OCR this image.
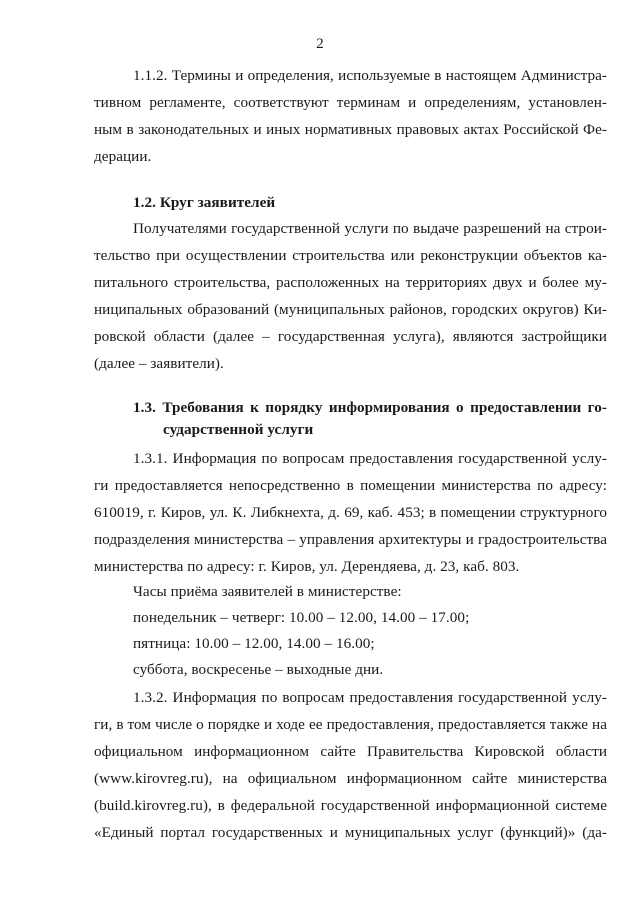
2
1.1.2. Термины и определения, используемые в настоящем Администра-
тивном регламенте, соответствуют терминам и определениям, установлен-
ным в законодательных и иных нормативных правовых актах Российской Фе-
дерации.
1.2. Круг заявителей
Получателями государственной услуги по выдаче разрешений на строи-
тельство при осуществлении строительства или реконструкции объектов ка-
питального строительства, расположенных на территориях двух и более му-
ниципальных образований (муниципальных районов, городских округов) Ки-
ровской области (далее – государственная услуга), являются застройщики
(далее – заявители).
1.3. Требования к порядку информирования о предоставлении го-
сударственной услуги
1.3.1. Информация по вопросам предоставления государственной услу-
ги предоставляется непосредственно в помещении министерства по адресу:
610019, г. Киров, ул. К. Либкнехта, д. 69, каб. 453; в помещении структурного
подразделения министерства – управления архитектуры и градостроительства
министерства по адресу: г. Киров, ул. Дерендяева, д. 23, каб. 803.
Часы приёма заявителей в министерстве:
понедельник – четверг: 10.00 – 12.00, 14.00 – 17.00;
пятница: 10.00 – 12.00, 14.00 – 16.00;
суббота, воскресенье – выходные дни.
1.3.2. Информация по вопросам предоставления государственной услу-
ги, в том числе о порядке и ходе ее предоставления, предоставляется также на
официальном информационном сайте Правительства Кировской области
(www.kirovreg.ru), на официальном информационном сайте министерства
(build.kirovreg.ru), в федеральной государственной информационной системе
«Единый портал государственных и муниципальных услуг (функций)» (да-
